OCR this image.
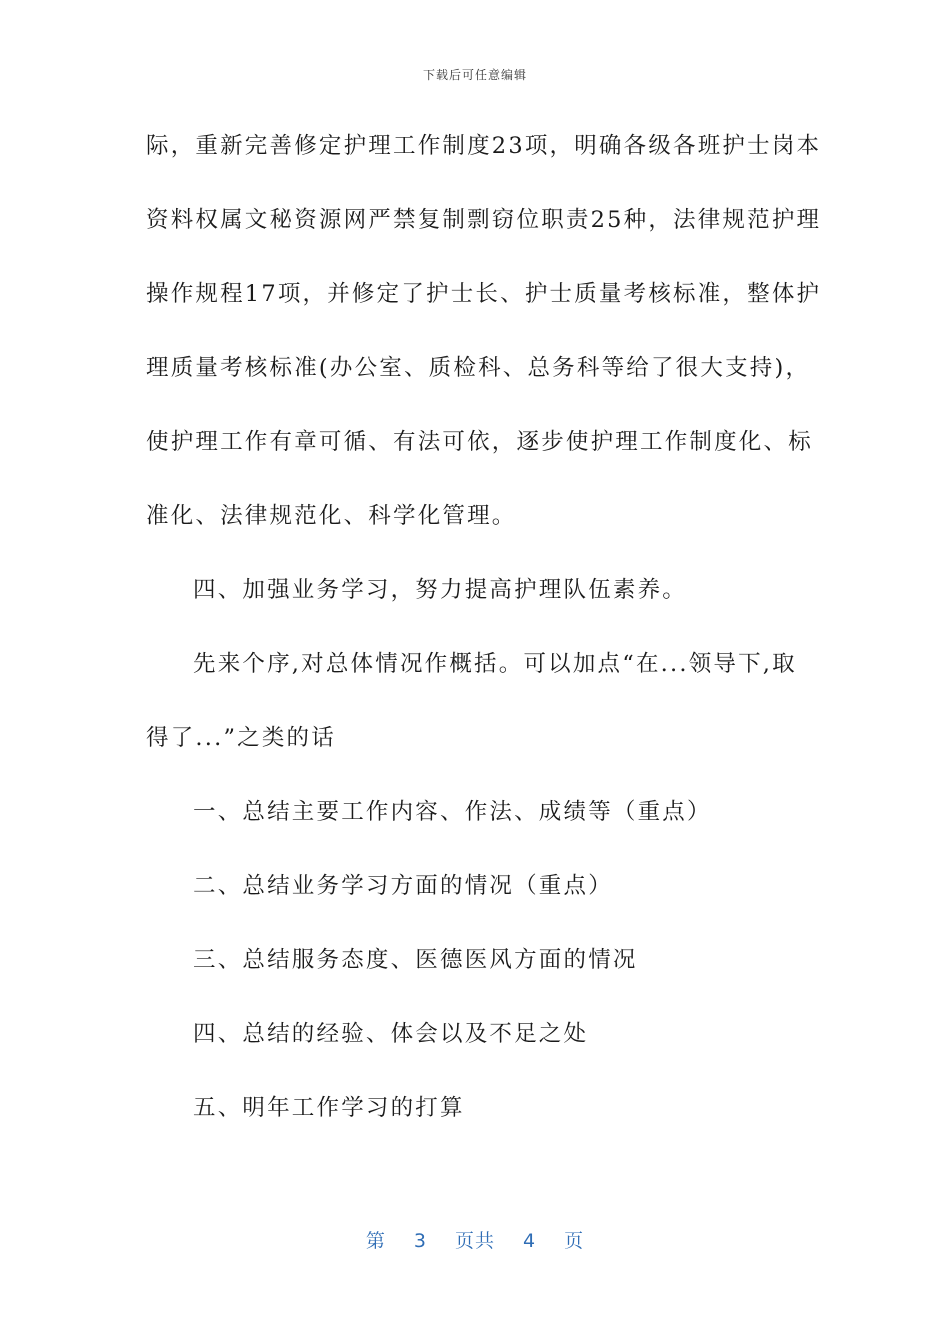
下载后可任意编辑
际，重新完善修定护理工作制度23项，明确各级各班护士岗本
资料权属文秘资源网严禁复制剽窃位职责25种，法律规范护理
操作规程17项，并修定了护士长、护士质量考核标准，整体护
理质量考核标准(办公室、质检科、总务科等给了很大支持)，
使护理工作有章可循、有法可依，逐步使护理工作制度化、标
准化、法律规范化、科学化管理。
四、加强业务学习，努力提高护理队伍素养。
先来个序,对总体情况作概括。可以加点“在...领导下,取
得了...”之类的话
一、总结主要工作内容、作法、成绩等（重点）
二、总结业务学习方面的情况（重点）
三、总结服务态度、医德医风方面的情况
四、总结的经验、体会以及不足之处
五、明年工作学习的打算
第 3 页共 4 页
